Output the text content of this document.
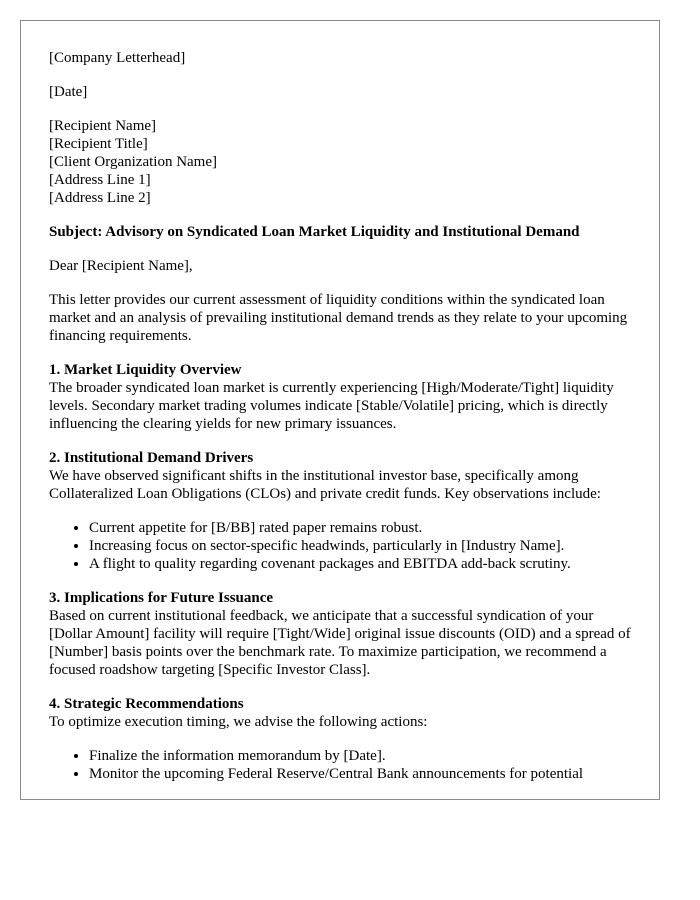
[Company Letterhead]

[Date]

[Recipient Name]
[Recipient Title]
[Client Organization Name]
[Address Line 1]
[Address Line 2]
Subject: Advisory on Syndicated Loan Market Liquidity and Institutional Demand

Dear [Recipient Name],

This letter provides our current assessment of liquidity conditions within the syndicated loan market and an analysis of prevailing institutional demand trends as they relate to your upcoming financing requirements.

1. Market Liquidity Overview
The broader syndicated loan market is currently experiencing [High/Moderate/Tight] liquidity levels. Secondary market trading volumes indicate [Stable/Volatile] pricing, which is directly influencing the clearing yields for new primary issuances.
2. Institutional Demand Drivers
We have observed significant shifts in the institutional investor base, specifically among Collateralized Loan Obligations (CLOs) and private credit funds. Key observations include:
• Current appetite for [B/BB] rated paper remains robust.
• Increasing focus on sector-specific headwinds, particularly in [Industry Name].
• A flight to quality regarding covenant packages and EBITDA add-back scrutiny.
3. Implications for Future Issuance
Based on current institutional feedback, we anticipate that a successful syndication of your [Dollar Amount] facility will require [Tight/Wide] original issue discounts (OID) and a spread of [Number] basis points over the benchmark rate. To maximize participation, we recommend a focused roadshow targeting [Specific Investor Class].
4. Strategic Recommendations
To optimize execution timing, we advise the following actions:
• Finalize the information memorandum by [Date].
• Monitor the upcoming Federal Reserve/Central Bank announcements for potential
